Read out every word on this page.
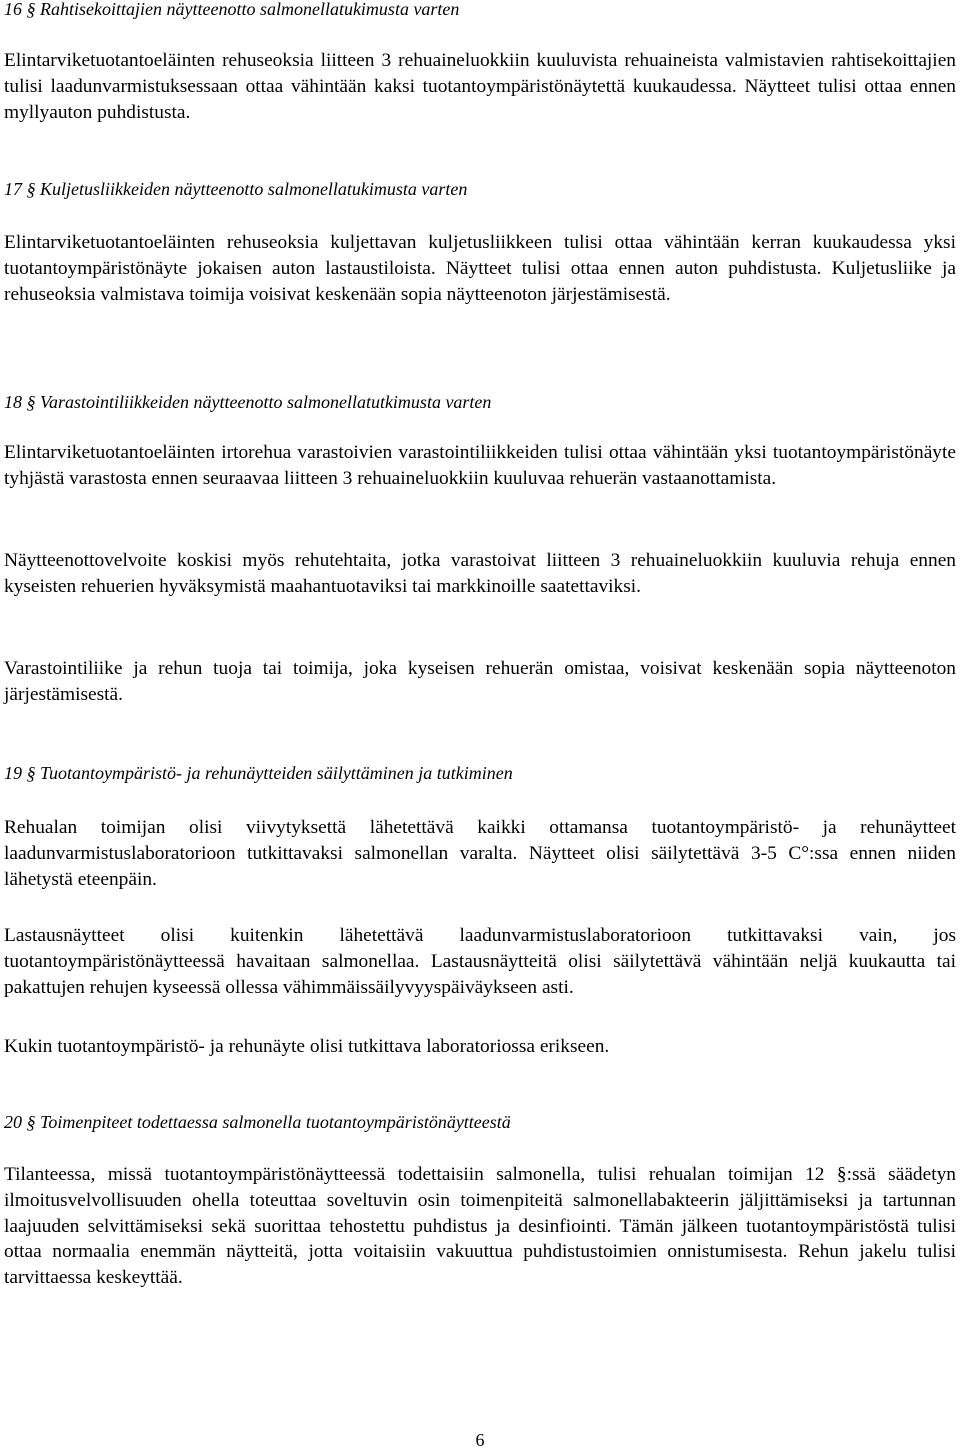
16 § Rahtisekoittajien näytteenotto salmonellatukimusta varten

Elintarviketuotantoeläinten rehuseoksia liitteen 3 rehuaineluokkiin kuuluvista rehuaineista valmistavien rahtisekoittajien tulisi laadunvarmistuksessaan ottaa vähintään kaksi tuotantoympäristönäytettä kuukaudessa. Näytteet tulisi ottaa ennen myllyauton puhdistusta.

17 § Kuljetusliikkeiden näytteenotto salmonellatukimusta varten

Elintarviketuotantoeläinten rehuseoksia kuljettavan kuljetusliikkeen tulisi ottaa vähintään kerran kuukaudessa yksi tuotantoympäristönäyte jokaisen auton lastaustiloista. Näytteet tulisi ottaa ennen auton puhdistusta. Kuljetusliike ja rehuseoksia valmistava toimija voisivat keskenään sopia näytteenoton järjestämisestä.

18 § Varastointiliikkeiden näytteenotto salmonellatutkimusta varten

Elintarviketuotantoeläinten irtorehua varastoivien varastointiliikkeiden tulisi ottaa vähintään yksi tuotantoympäristönäyte tyhjästä varastosta ennen seuraavaa liitteen 3 rehuaineluokkiin kuuluvaa rehuerän vastaanottamista.

Näytteenottovelvoite koskisi myös rehutehtaita, jotka varastoivat liitteen 3 rehuaineluokkiin kuuluvia rehuja ennen kyseisten rehuerien hyväksymistä maahantuotaviksi tai markkinoille saatettaviksi.

Varastointiliike ja rehun tuoja tai toimija, joka kyseisen rehuerän omistaa, voisivat keskenään sopia näytteenoton järjestämisestä.

19 § Tuotantoympäristö- ja rehunäytteiden säilyttäminen ja tutkiminen

Rehualan toimijan olisi viivytyksettä lähetettävä kaikki ottamansa tuotantoympäristö- ja rehunäytteet laadunvarmistuslaboratorioon tutkittavaksi salmonellan varalta. Näytteet olisi säilytettävä 3-5 C°:ssa ennen niiden lähetystä eteenpäin.

Lastausnäytteet olisi kuitenkin lähetettävä laadunvarmistuslaboratorioon tutkittavaksi vain, jos tuotantoympäristönäytteessä havaitaan salmonellaa. Lastausnäytteitä olisi säilytettävä vähintään neljä kuukautta tai pakattujen rehujen kyseessä ollessa vähimmäissäilyvyyspäiväykseen asti.

Kukin tuotantoympäristö- ja rehunäyte olisi tutkittava laboratoriossa erikseen.

20 § Toimenpiteet todettaessa salmonella tuotantoympäristönäytteestä

Tilanteessa, missä tuotantoympäristönäytteessä todettaisiin salmonella, tulisi rehualan toimijan 12 §:ssä säädetyn ilmoitusvelvollisuuden ohella toteuttaa soveltuvin osin toimenpiteitä salmonellabakteerin jäljittämiseksi ja tartunnan laajuuden selvittämiseksi sekä suorittaa tehostettu puhdistus ja desinfiointi. Tämän jälkeen tuotantoympäristöstä tulisi ottaa normaalia enemmän näytteitä, jotta voitaisiin vakuuttua puhdistustoimien onnistumisesta. Rehun jakelu tulisi tarvittaessa keskeyttää.

6
